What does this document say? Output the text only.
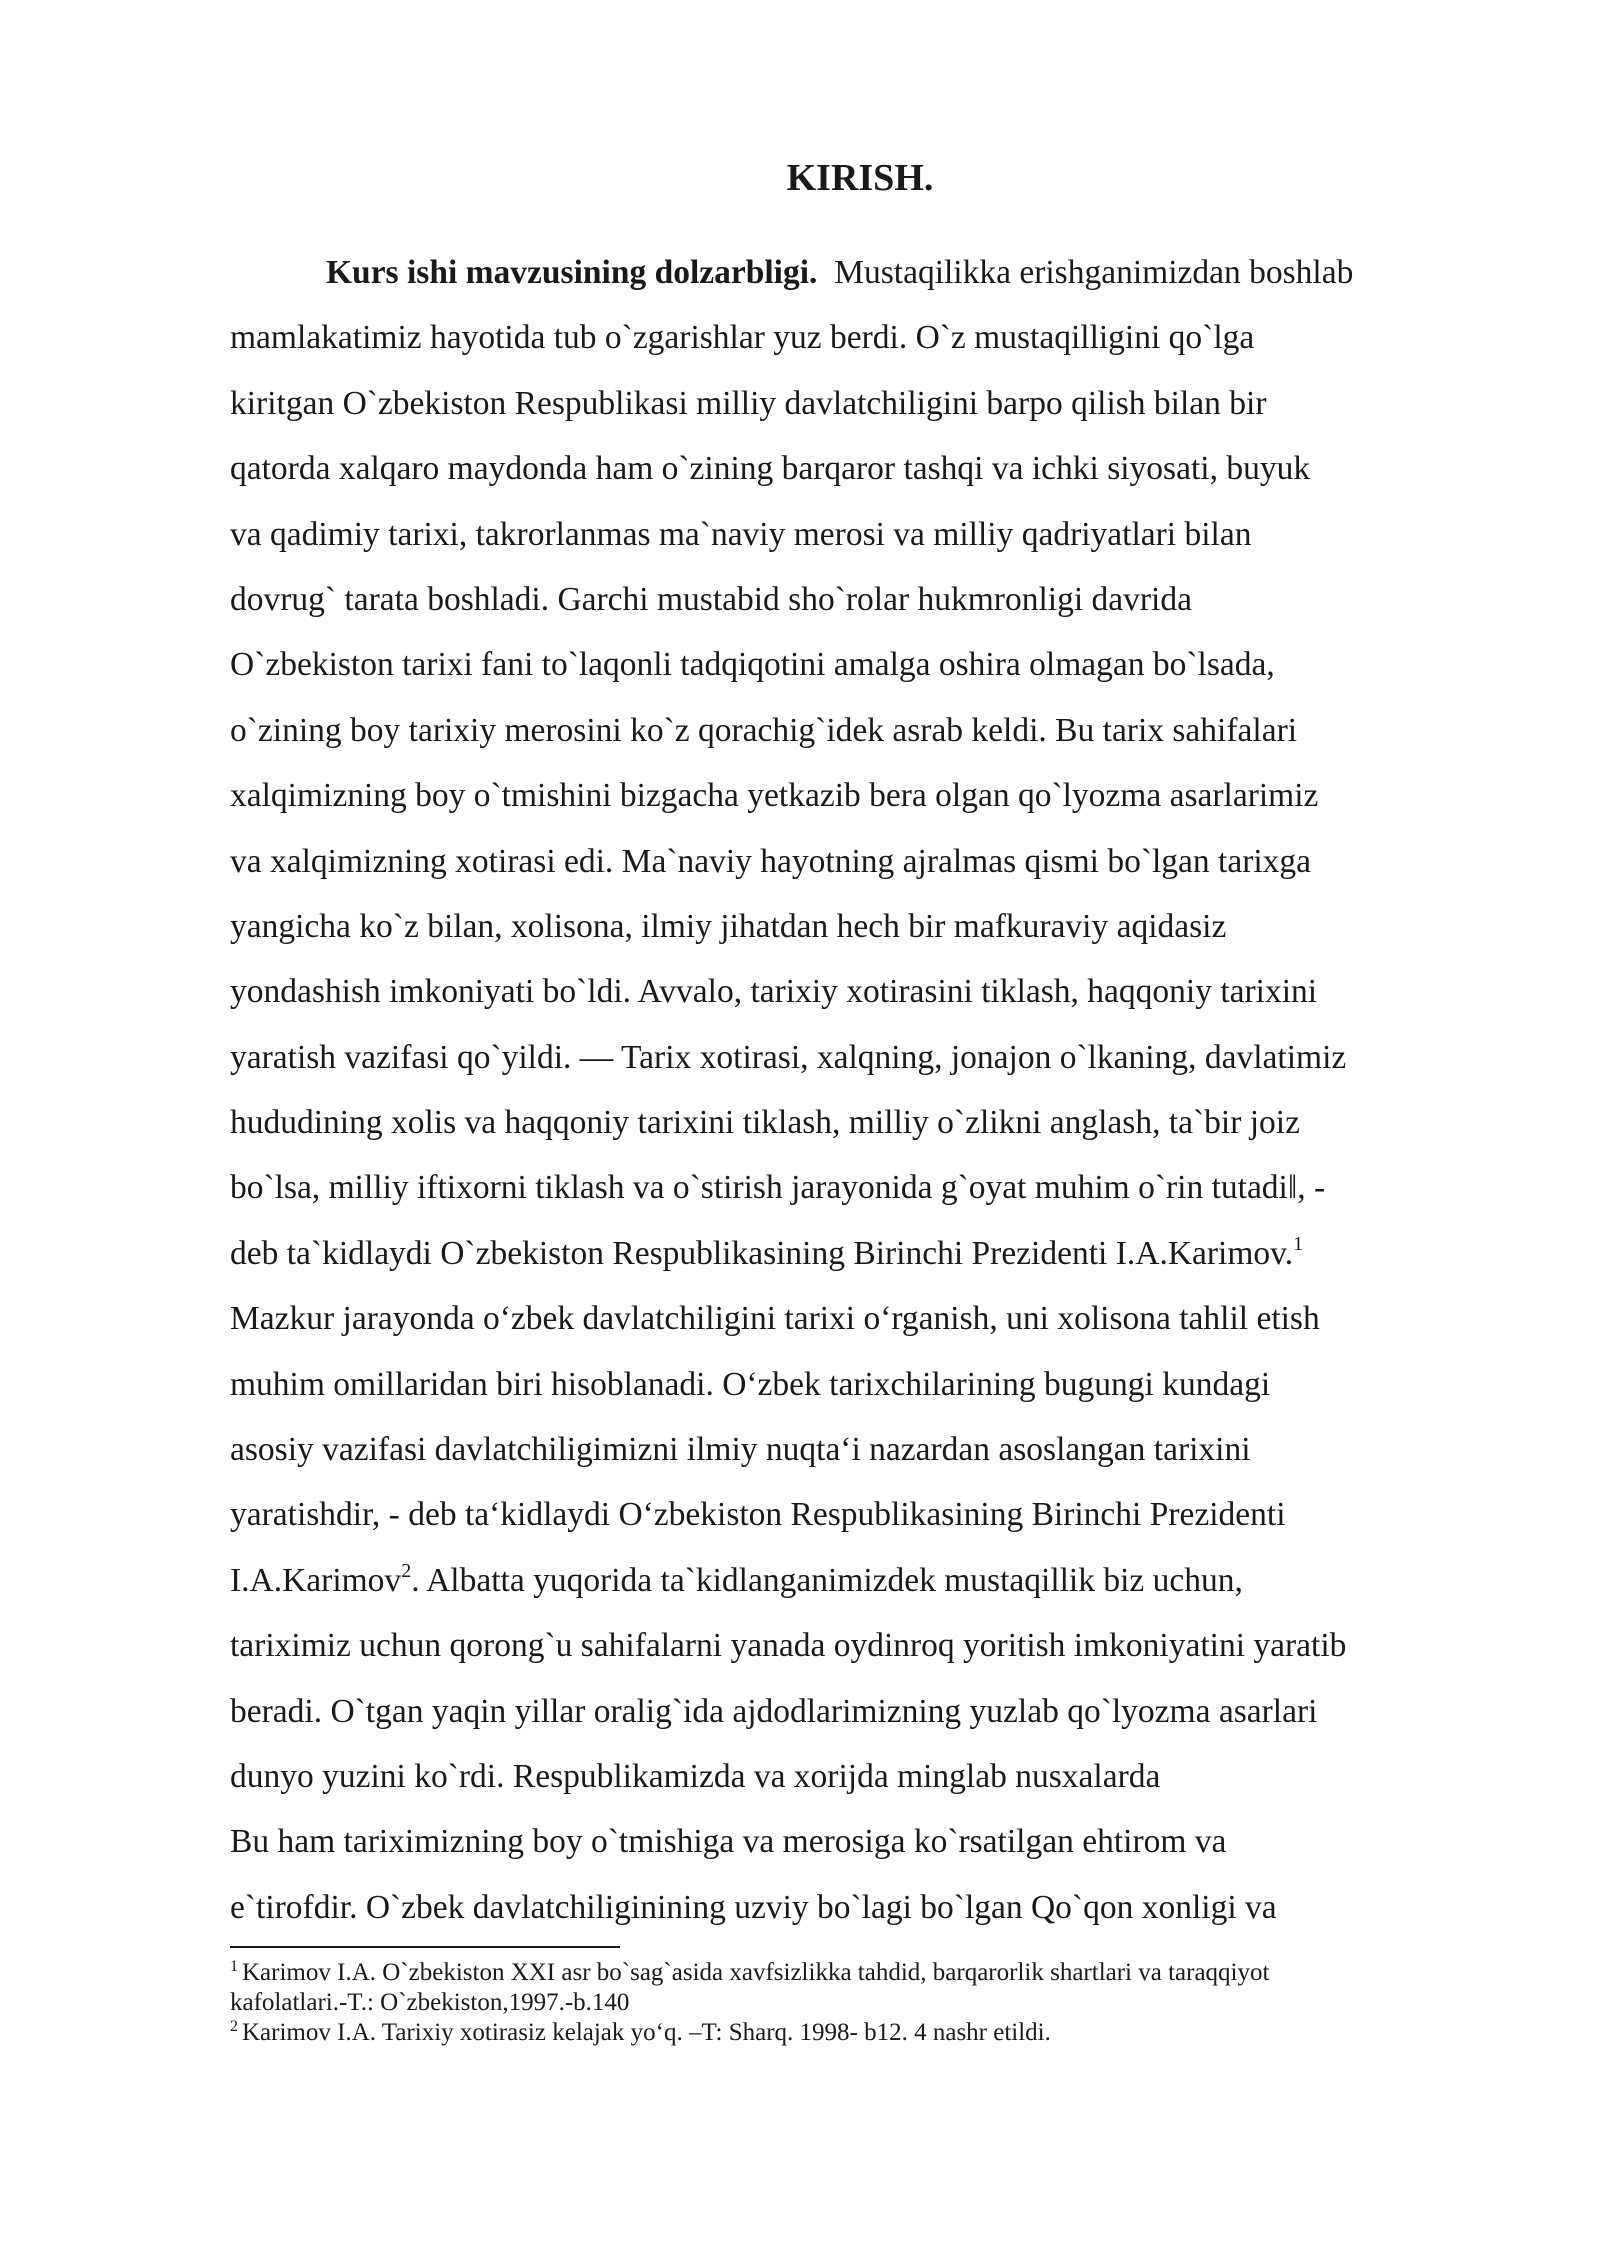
KIRISH.
Kurs ishi mavzusining dolzarbligi. Mustaqilikka erishganimizdan boshlab
mamlakatimiz hayotida tub o`zgarishlar yuz berdi. O`z mustaqilligini qo`lga
kiritgan O`zbekiston Respublikasi milliy davlatchiligini barpo qilish bilan bir
qatorda xalqaro maydonda ham o`zining barqaror tashqi va ichki siyosati, buyuk
va qadimiy tarixi, takrorlanmas ma`naviy merosi va milliy qadriyatlari bilan
dovrug` tarata boshladi. Garchi mustabid sho`rolar hukmronligi davrida
O`zbekiston tarixi fani to`laqonli tadqiqotini amalga oshira olmagan bo`lsada,
o`zining boy tarixiy merosini ko`z qorachig`idek asrab keldi. Bu tarix sahifalari
xalqimizning boy o`tmishini bizgacha yetkazib bera olgan qo`lyozma asarlarimiz
va xalqimizning xotirasi edi. Ma`naviy hayotning ajralmas qismi bo`lgan tarixga
yangicha ko`z bilan, xolisona, ilmiy jihatdan hech bir mafkuraviy aqidasiz
yondashish imkoniyati bo`ldi. Avvalo, tarixiy xotirasini tiklash, haqqoniy tarixini
yaratish vazifasi qo`yildi. — Tarix xotirasi, xalqning, jonajon o`lkaning, davlatimiz
hududining xolis va haqqoniy tarixini tiklash, milliy o`zlikni anglash, ta`bir joiz
bo`lsa, milliy iftixorni tiklash va o`stirish jarayonida g`oyat muhim o`rin tutadi‖, -
deb ta`kidlaydi O`zbekiston Respublikasining Birinchi Prezidenti I.A.Karimov.$^1$
Mazkur jarayonda o‘zbek davlatchiligini tarixi o‘rganish, uni xolisona tahlil etish
muhim omillaridan biri hisoblanadi. O‘zbek tarixchilarining bugungi kundagi
asosiy vazifasi davlatchiligimizni ilmiy nuqta‘i nazardan asoslangan tarixini
yaratishdir, - deb ta‘kidlaydi O‘zbekiston Respublikasining Birinchi Prezidenti
I.A.Karimov$^2$. Albatta yuqorida ta`kidlanganimizdek mustaqillik biz uchun,
tariximiz uchun qorong`u sahifalarni yanada oydinroq yoritish imkoniyatini yaratib
beradi. O`tgan yaqin yillar oralig`ida ajdodlarimizning yuzlab qo`lyozma asarlari
dunyo yuzini ko`rdi. Respublikamizda va xorijda minglab nusxalarda
Bu ham tariximizning boy o`tmishiga va merosiga ko`rsatilgan ehtirom va
e`tirofdir. O`zbek davlatchiliginining uzviy bo`lagi bo`lgan Qo`qon xonligi va
$^1$ Karimov I.A. O`zbekiston XXI asr bo`sag`asida xavfsizlikka tahdid, barqarorlik shartlari va taraqqiyot
kafolatlari.-T.: O`zbekiston,1997.-b.140
$^2$ Karimov I.A. Tarixiy xotirasiz kelajak yo‘q. –T: Sharq. 1998- b12. 4 nashr etildi.
